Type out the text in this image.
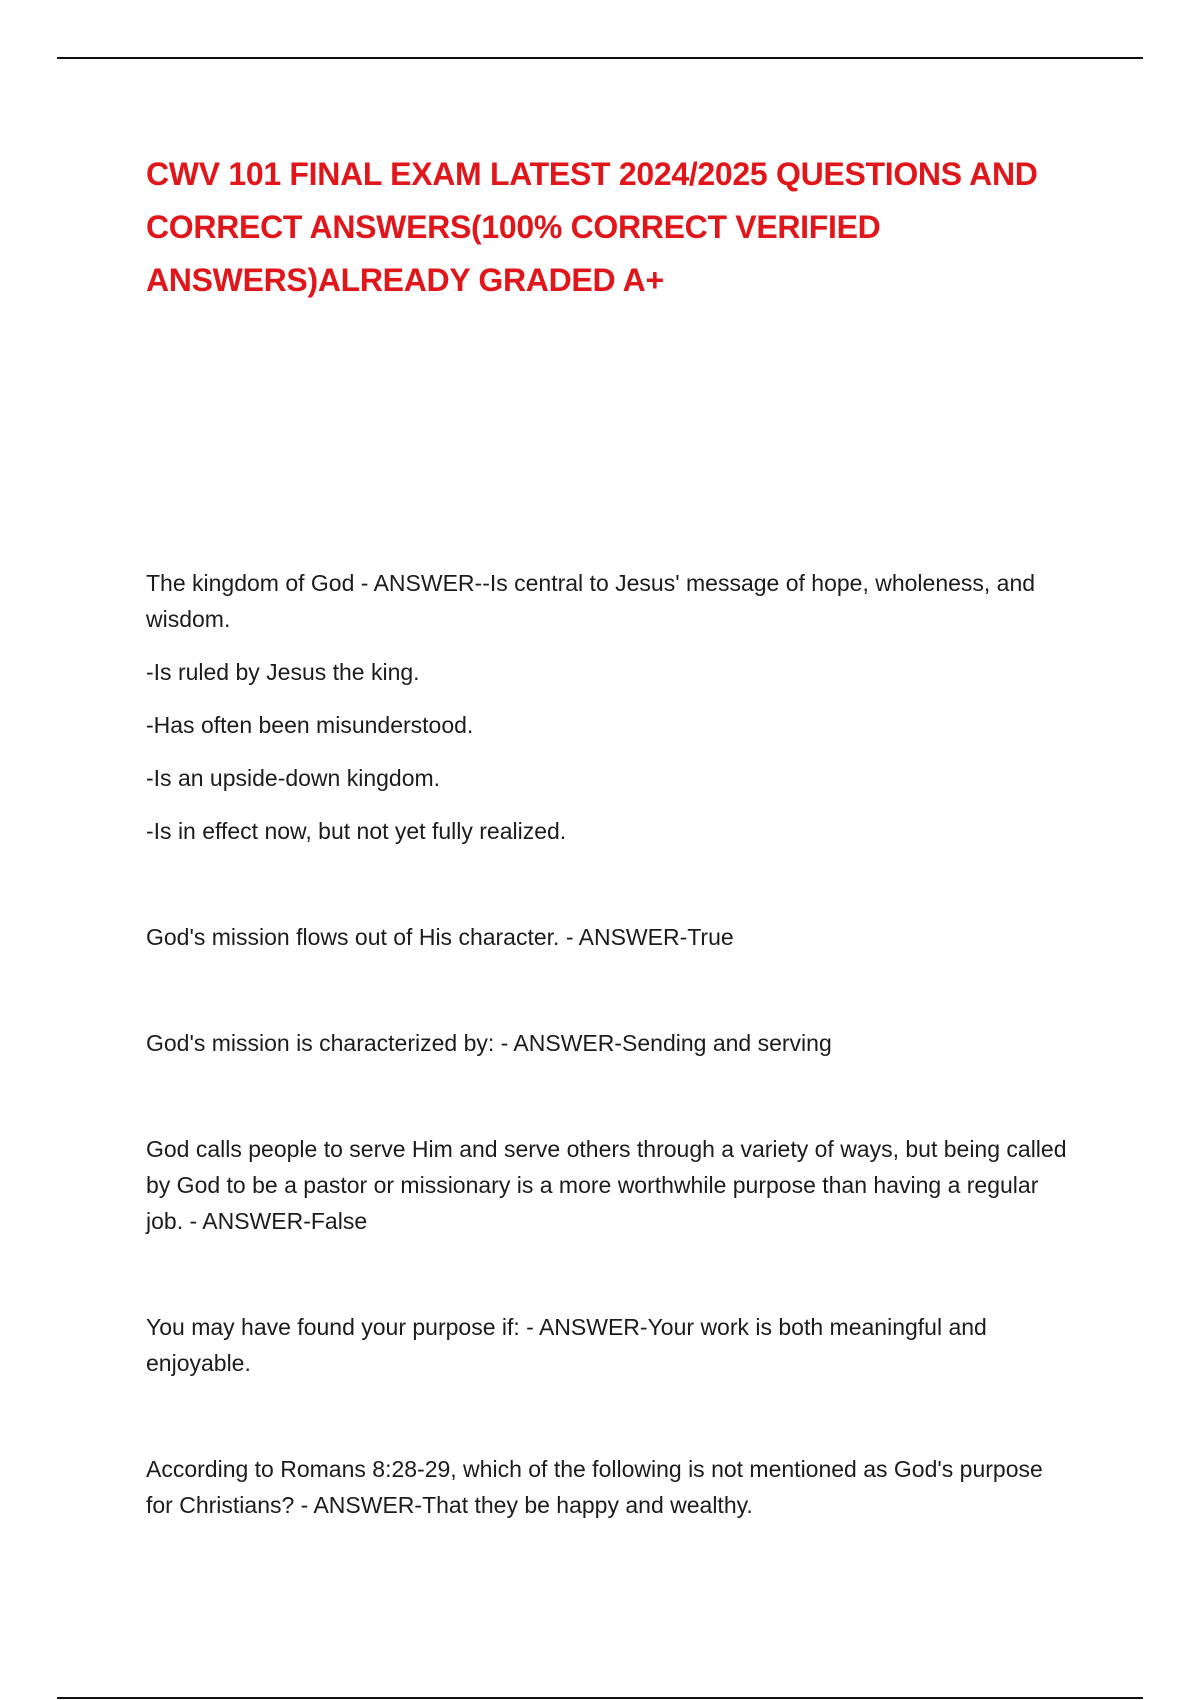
CWV 101 FINAL EXAM LATEST 2024/2025 QUESTIONS AND CORRECT ANSWERS(100% CORRECT VERIFIED ANSWERS)ALREADY GRADED A+

The kingdom of God - ANSWER--Is central to Jesus' message of hope, wholeness, and wisdom.

-Is ruled by Jesus the king.

-Has often been misunderstood.

-Is an upside-down kingdom.

-Is in effect now, but not yet fully realized.

God's mission flows out of His character. - ANSWER-True

God's mission is characterized by: - ANSWER-Sending and serving

God calls people to serve Him and serve others through a variety of ways, but being called by God to be a pastor or missionary is a more worthwhile purpose than having a regular job. - ANSWER-False

You may have found your purpose if: - ANSWER-Your work is both meaningful and enjoyable.

According to Romans 8:28-29, which of the following is not mentioned as God's purpose for Christians? - ANSWER-That they be happy and wealthy.
